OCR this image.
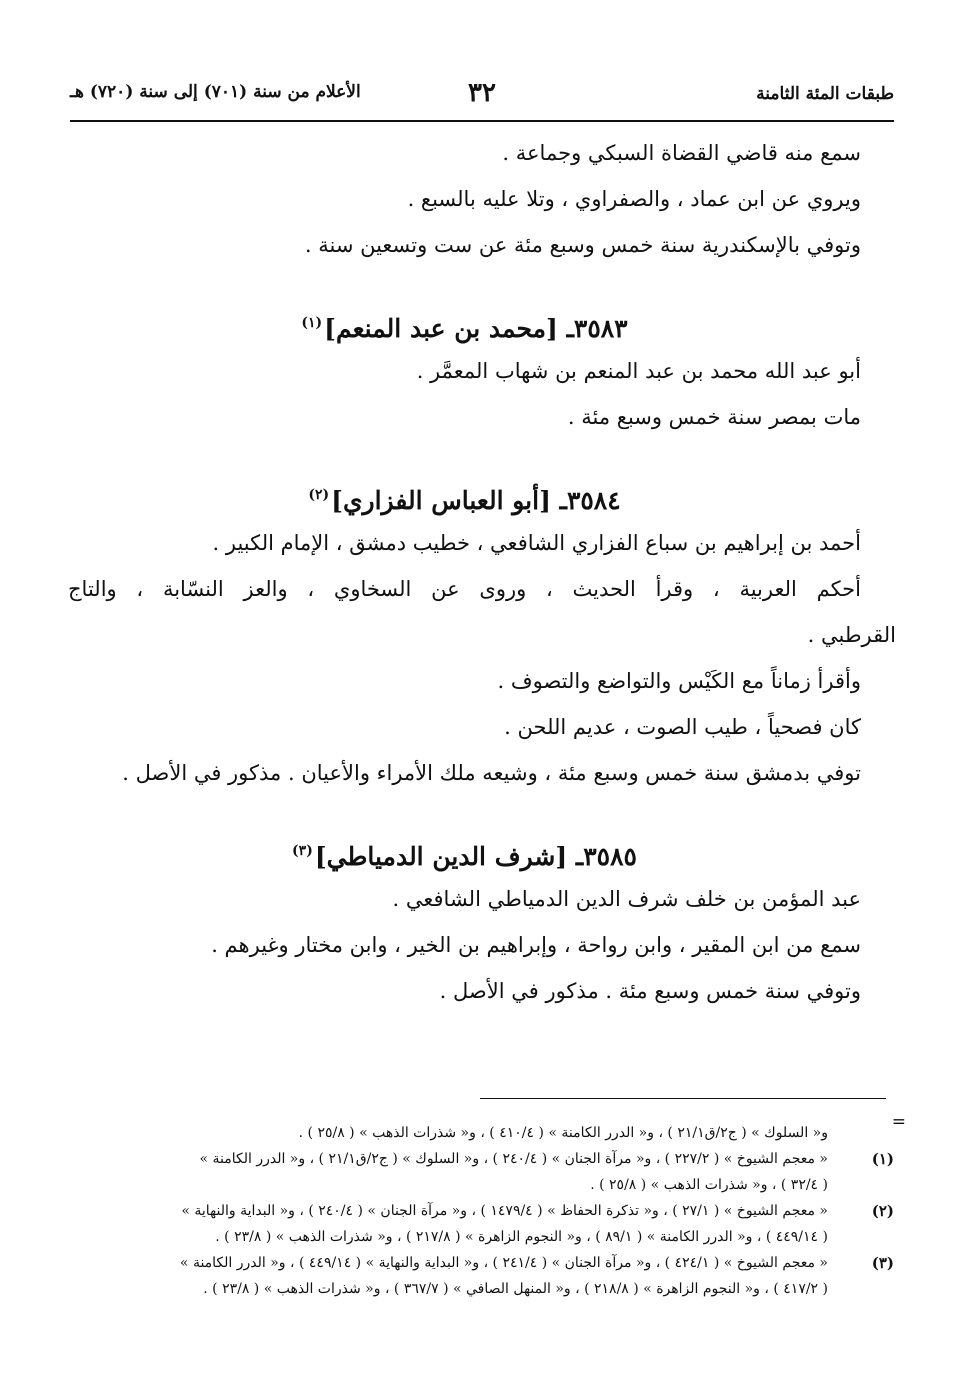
طبقات المئة الثامنة
٣٢
الأعلام من سنة (٧٠١) إلى سنة (٧٢٠) هـ
سمع منه قاضي القضاة السبكي وجماعة .
ويروي عن ابن عماد ، والصفراوي ، وتلا عليه بالسبع .
وتوفي بالإسكندرية سنة خمس وسبع مئة عن ست وتسعين سنة .
٣٥٨٣ـ [محمد بن عبد المنعم]$^{(١)}$
أبو عبد الله محمد بن عبد المنعم بن شهاب المعمَّر .
مات بمصر سنة خمس وسبع مئة .
٣٥٨٤ـ [أبو العباس الفزاري]$^{(٢)}$
أحمد بن إبراهيم بن سباع الفزاري الشافعي ، خطيب دمشق ، الإمام الكبير .
أحكم العربية ، وقرأ الحديث ، وروى عن السخاوي ، والعز النسّابة ، والتاج
القرطبي .
وأقرأ زماناً مع الكَيْس والتواضع والتصوف .
كان فصحياً ، طيب الصوت ، عديم اللحن .
توفي بدمشق سنة خمس وسبع مئة ، وشيعه ملك الأمراء والأعيان . مذكور في الأصل .
٣٥٨٥ـ [شرف الدين الدمياطي]$^{(٣)}$
عبد المؤمن بن خلف شرف الدين الدمياطي الشافعي .
سمع من ابن المقير ، وابن رواحة ، وإبراهيم بن الخير ، وابن مختار وغيرهم .
وتوفي سنة خمس وسبع مئة . مذكور في الأصل .
=
و« السلوك » ( ج٢/ق٢١/١ ) ، و« الدرر الكامنة » ( ٤١٠/٤ ) ، و« شذرات الذهب » ( ٢٥/٨ ) .
(١)
« معجم الشيوخ » ( ٢٢٧/٢ ) ، و« مرآة الجنان » ( ٢٤٠/٤ ) ، و« السلوك » ( ج٢/ق٢١/١ ) ، و« الدرر الكامنة »
( ٣٢/٤ ) ، و« شذرات الذهب » ( ٢٥/٨ ) .
(٢)
« معجم الشيوخ » ( ٢٧/١ ) ، و« تذكرة الحفاظ » ( ١٤٧٩/٤ ) ، و« مرآة الجنان » ( ٢٤٠/٤ ) ، و« البداية والنهاية »
( ٤٤٩/١٤ ) ، و« الدرر الكامنة » ( ٨٩/١ ) ، و« النجوم الزاهرة » ( ٢١٧/٨ ) ، و« شذرات الذهب » ( ٢٣/٨ ) .
(٣)
« معجم الشيوخ » ( ٤٢٤/١ ) ، و« مرآة الجنان » ( ٢٤١/٤ ) ، و« البداية والنهاية » ( ٤٤٩/١٤ ) ، و« الدرر الكامنة »
( ٤١٧/٢ ) ، و« النجوم الزاهرة » ( ٢١٨/٨ ) ، و« المنهل الصافي » ( ٣٦٧/٧ ) ، و« شذرات الذهب » ( ٢٣/٨ ) .
